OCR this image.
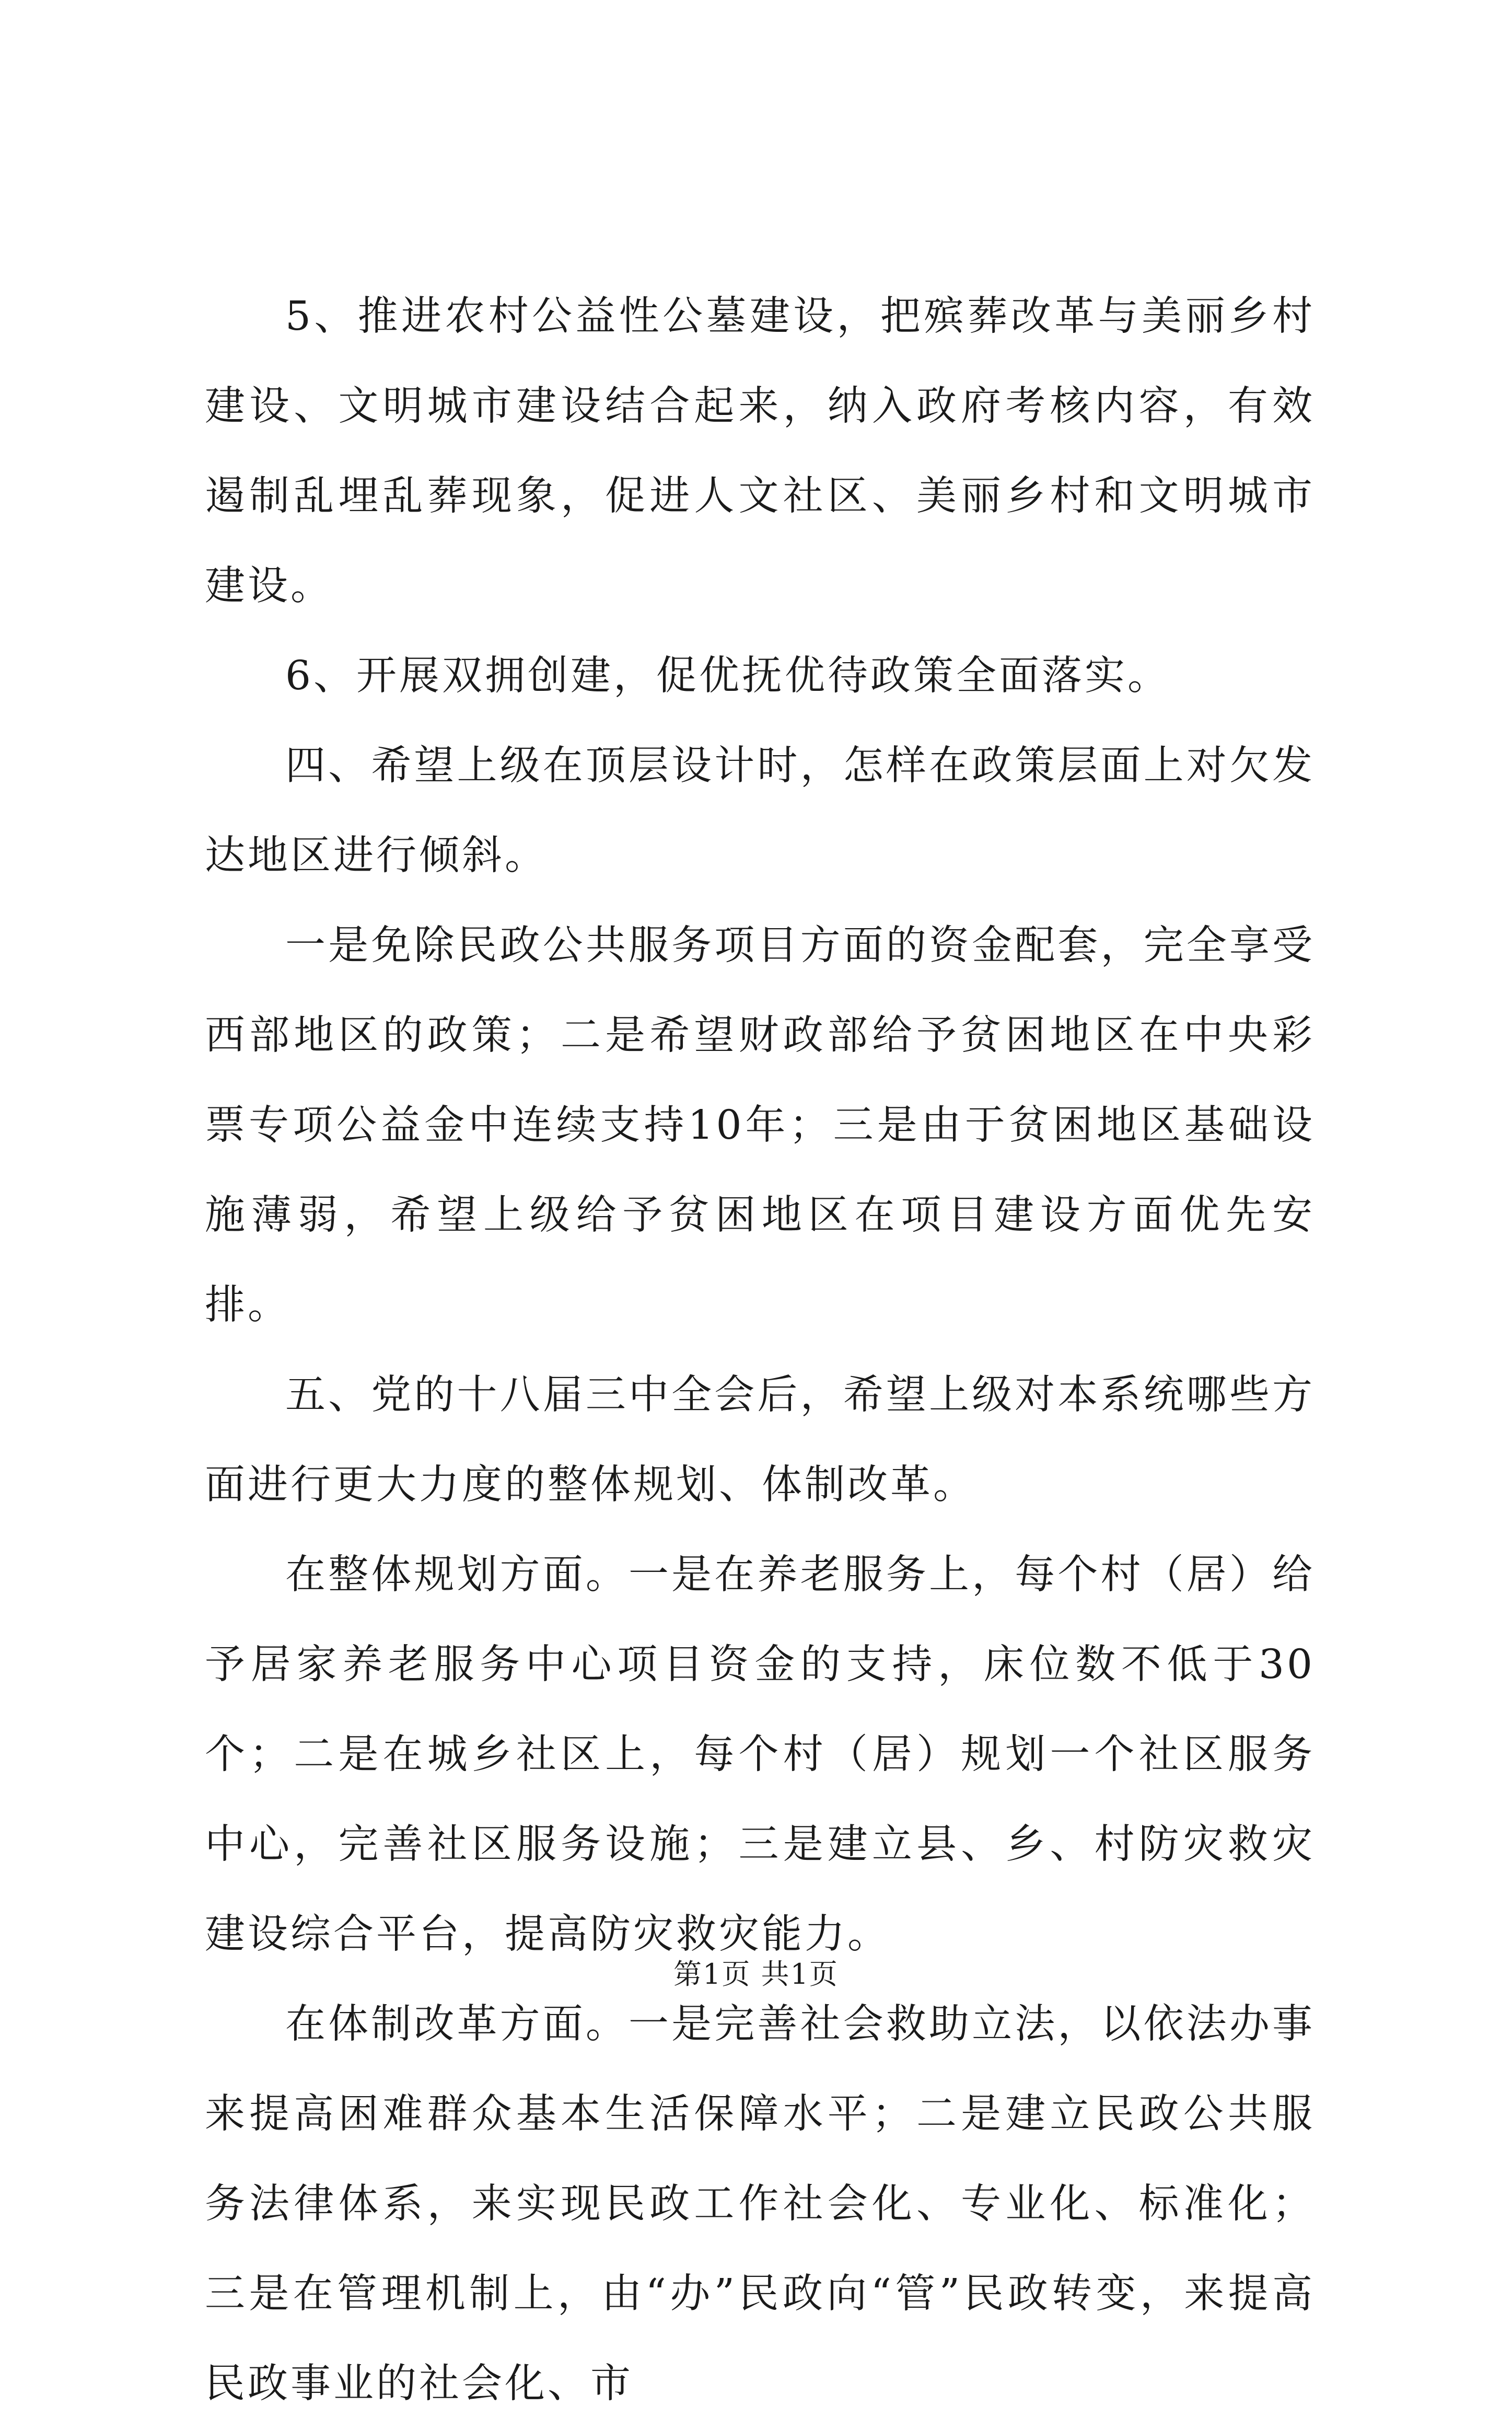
5、推进农村公益性公墓建设，把殡葬改革与美丽乡村建设、文明城市建设结合起来，纳入政府考核内容，有效遏制乱埋乱葬现象，促进人文社区、美丽乡村和文明城市建设。

6、开展双拥创建，促优抚优待政策全面落实。

四、希望上级在顶层设计时，怎样在政策层面上对欠发达地区进行倾斜。

一是免除民政公共服务项目方面的资金配套，完全享受西部地区的政策；二是希望财政部给予贫困地区在中央彩票专项公益金中连续支持10年；三是由于贫困地区基础设施薄弱，希望上级给予贫困地区在项目建设方面优先安排。

五、党的十八届三中全会后，希望上级对本系统哪些方面进行更大力度的整体规划、体制改革。

在整体规划方面。一是在养老服务上，每个村（居）给予居家养老服务中心项目资金的支持，床位数不低于30个；二是在城乡社区上，每个村（居）规划一个社区服务中心，完善社区服务设施；三是建立县、乡、村防灾救灾建设综合平台，提高防灾救灾能力。

在体制改革方面。一是完善社会救助立法，以依法办事来提高困难群众基本生活保障水平；二是建立民政公共服务法律体系，来实现民政工作社会化、专业化、标准化；三是在管理机制上，由“办”民政向“管”民政转变，来提高民政事业的社会化、市

第1页 共1页
